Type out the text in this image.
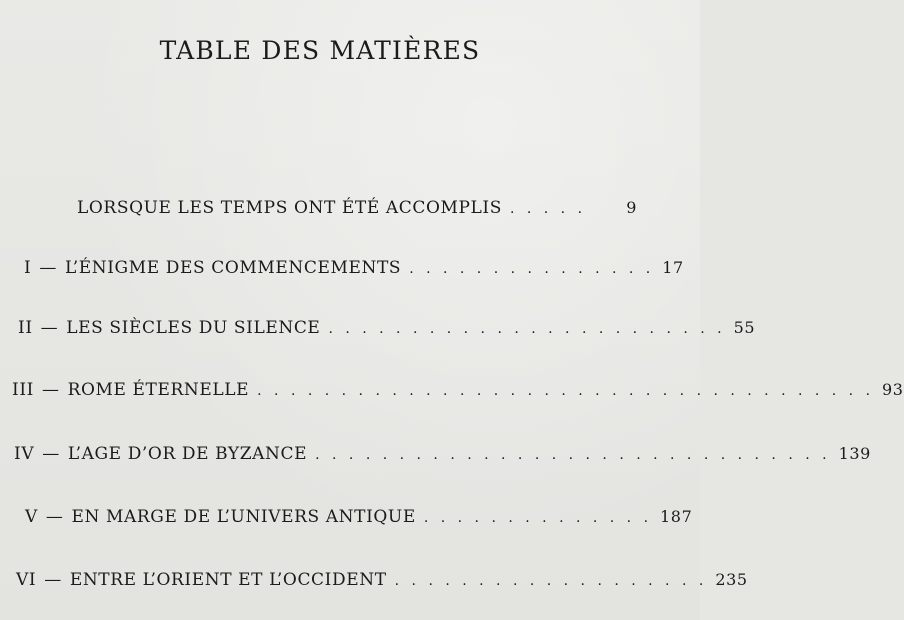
TABLE DES MATIÈRES
LORSQUE LES TEMPS ONT ÉTÉ ACCOMPLIS . . . . .	9
I — L’ÉNIGME DES COMMENCEMENTS . . . . . . . . . . . . . . . 17
II — LES SIÈCLES DU SILENCE . . . . . . . . . . . . . . . . . . . . . . . . 55
III — ROME ÉTERNELLE . . . . . . . . . . . . . . . . . . . . . . . . . . . . . . . . . . . . . 93
IV — L’AGE D’OR DE BYZANCE . . . . . . . . . . . . . . . . . . . . . . . . . . . . . . . 139
V — EN MARGE DE L’UNIVERS ANTIQUE . . . . . . . . . . . . . . 187
VI — ENTRE L’ORIENT ET L’OCCIDENT . . . . . . . . . . . . . . . . . . . 235
